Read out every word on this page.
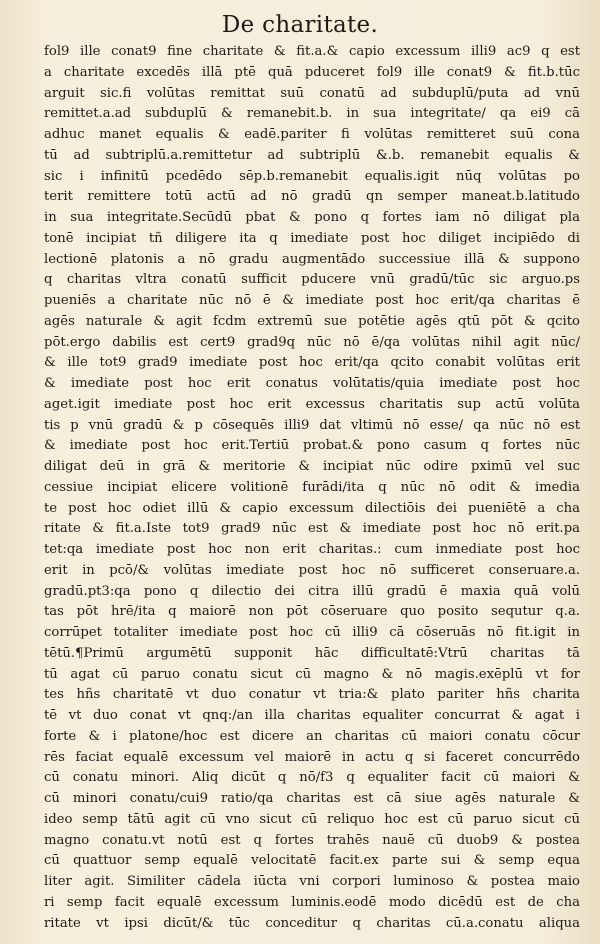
De charitate.
fol9 ille conat9 fine charitate & fit.a.& capio excessum illi9 ac9 q est
a charitate excedēs illā ptē quā pduceret fol9 ille conat9 & fit.b.tūc
arguit sic.fi volūtas remittat suū conatū ad subduplū/puta ad vnū
remittet.a.ad subduplū & remanebit.b. in sua integritate/ qa ei9 cā
adhuc manet equalis & eadē.pariter fi volūtas remitteret suū cona
tū ad subtriplū.a.remittetur ad subtriplū &.b. remanebit equalis &
sic i infinitū pcedēdo sēp.b.remanebit equalis.igit nūq volūtas po
terit remittere totū actū ad nō gradū qn semper maneat.b.latitudo
in sua integritate.Secūdū pbat & pono q fortes iam nō diligat pla
tonē incipiat tñ diligere ita q imediate post hoc diliget incipiēdo di
lectionē platonis a nō gradu augmentādo successiue illā & suppono
q charitas vltra conatū sufficit pducere vnū gradū/tūc sic arguo.ps
pueniēs a charitate nūc nō ē & imediate post hoc erit/qa charitas ē
agēs naturale & agit fcdm extremū sue potētie agēs qtū pōt & qcito
pōt.ergo dabilis est cert9 grad9q nūc nō ē/qa volūtas nihil agit nūc/
& ille tot9 grad9 imediate post hoc erit/qa qcito conabit volūtas erit
& imediate post hoc erit conatus volūtatis/quia imediate post hoc
aget.igit imediate post hoc erit excessus charitatis sup actū volūta
tis p vnū gradū & p cōsequēs illi9 dat vltimū nō esse/ qa nūc nō est
& imediate post hoc erit.Tertiū probat.& pono casum q fortes nūc
diligat deū in grā & meritorie & incipiat nūc odire pximū vel suc
cessiue incipiat elicere volitionē furādi/ita q nūc nō odit & imedia
te post hoc odiet illū & capio excessum dilectiōis dei pueniētē a cha
ritate & fit.a.Iste tot9 grad9 nūc est & imediate post hoc nō erit.pa
tet:qa imediate post hoc non erit charitas.: cum inmediate post hoc
erit in pcō/& volūtas imediate post hoc nō sufficeret conseruare.a.
gradū.pt3:qa pono q dilectio dei citra illū gradū ē maxia quā volū
tas pōt hrē/ita q maiorē non pōt cōseruare quo posito sequtur q.a.
corrūpet totaliter imediate post hoc cū illi9 cā cōseruās nō fit.igit in
tētū.¶Primū argumētū supponit hāc difficultatē:Vtrū charitas tā
tū agat cū paruo conatu sicut cū magno & nō magis.exēplū vt for
tes hñs charitatē vt duo conatur vt tria:& plato pariter hñs charita
tē vt duo conat vt qnq:/an illa charitas equaliter concurrat & agat i
forte & i platone/hoc est dicere an charitas cū maiori conatu cōcur
rēs faciat equalē excessum vel maiorē in actu q si faceret concurrēdo
cū conatu minori. Aliq dicūt q nō/f3 q equaliter facit cū maiori &
cū minori conatu/cui9 ratio/qa charitas est cā siue agēs naturale &
ideo semp tātū agit cū vno sicut cū reliquo hoc est cū paruo sicut cū
magno conatu.vt notū est q fortes trahēs nauē cū duob9 & postea
cū quattuor semp equalē velocitatē facit.ex parte sui & semp equa
liter agit. Similiter cādela iūcta vni corpori luminoso & postea maio
ri semp facit equalē excessum luminis.eodē modo dicēdū est de cha
ritate vt ipsi dicūt/& tūc conceditur q charitas cū.a.conatu aliqua
